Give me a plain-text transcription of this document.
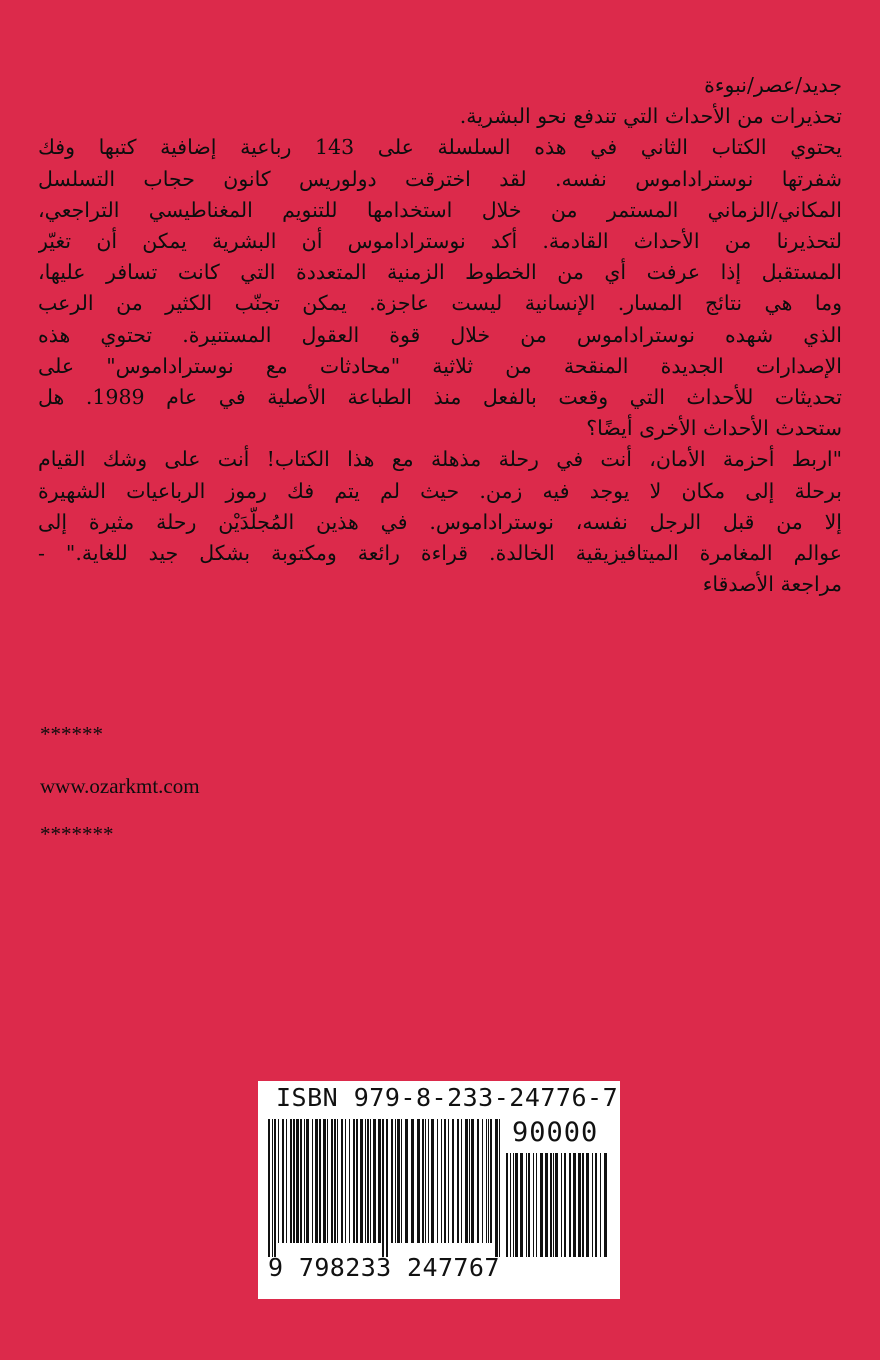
جديد/عصر/نبوءة
تحذيرات من الأحداث التي تندفع نحو البشرية.
يحتوي الكتاب الثاني في هذه السلسلة على 143 رباعية إضافية كتبها وفك
شفرتها نوستراداموس نفسه. لقد اخترقت دولوريس كانون حجاب التسلسل
المكاني/الزماني المستمر من خلال استخدامها للتنويم المغناطيسي التراجعي،
لتحذيرنا من الأحداث القادمة. أكد نوستراداموس أن البشرية يمكن أن تغيّر
المستقبل إذا عرفت أي من الخطوط الزمنية المتعددة التي كانت تسافر عليها،
وما هي نتائج المسار. الإنسانية ليست عاجزة. يمكن تجنّب الكثير من الرعب
الذي شهده نوستراداموس من خلال قوة العقول المستنيرة. تحتوي هذه
الإصدارات الجديدة المنقحة من ثلاثية "محادثات مع نوستراداموس" على
تحديثات للأحداث التي وقعت بالفعل منذ الطباعة الأصلية في عام 1989. هل
ستحدث الأحداث الأخرى أيضًا؟
"اربط أحزمة الأمان، أنت في رحلة مذهلة مع هذا الكتاب! أنت على وشك القيام
برحلة إلى مكان لا يوجد فيه زمن. حيث لم يتم فك رموز الرباعيات الشهيرة
إلا من قبل الرجل نفسه، نوستراداموس. في هذين المُجلّدَيْن رحلة مثيرة إلى
عوالم المغامرة الميتافيزيقية الخالدة. قراءة رائعة ومكتوبة بشكل جيد للغاية." -
مراجعة الأصدقاء
******
www.ozarkmt.com
*******
ISBN 979-8-233-24776-7
90000
9 798233 247767
